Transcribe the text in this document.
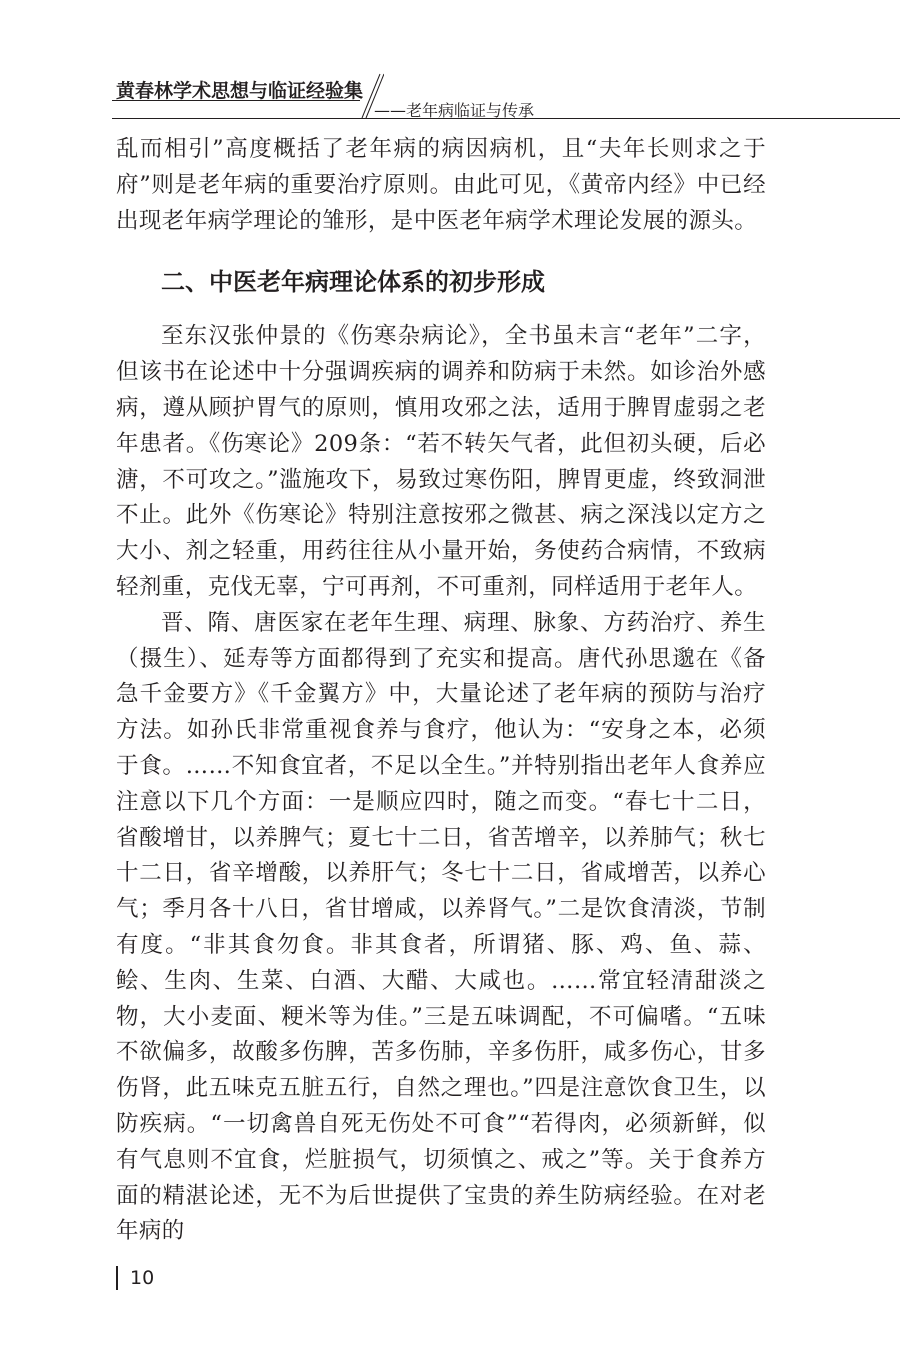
黄春林学术思想与临证经验集
——老年病临证与传承

乱而相引”高度概括了老年病的病因病机，且“夫年长则求之于府”则是老年病的重要治疗原则。由此可见，《黄帝内经》中已经出现老年病学理论的雏形，是中医老年病学术理论发展的源头。

二、中医老年病理论体系的初步形成

至东汉张仲景的《伤寒杂病论》，全书虽未言“老年”二字，但该书在论述中十分强调疾病的调养和防病于未然。如诊治外感病，遵从顾护胃气的原则，慎用攻邪之法，适用于脾胃虚弱之老年患者。《伤寒论》209条：“若不转矢气者，此但初头硬，后必溏，不可攻之。”滥施攻下，易致过寒伤阳，脾胃更虚，终致洞泄不止。此外《伤寒论》特别注意按邪之微甚、病之深浅以定方之大小、剂之轻重，用药往往从小量开始，务使药合病情，不致病轻剂重，克伐无辜，宁可再剂，不可重剂，同样适用于老年人。

晋、隋、唐医家在老年生理、病理、脉象、方药治疗、养生（摄生）、延寿等方面都得到了充实和提高。唐代孙思邈在《备急千金要方》《千金翼方》中，大量论述了老年病的预防与治疗方法。如孙氏非常重视食养与食疗，他认为：“安身之本，必须于食。……不知食宜者，不足以全生。”并特别指出老年人食养应注意以下几个方面：一是顺应四时，随之而变。“春七十二日，省酸增甘，以养脾气；夏七十二日，省苦增辛，以养肺气；秋七十二日，省辛增酸，以养肝气；冬七十二日，省咸增苦，以养心气；季月各十八日，省甘增咸，以养肾气。”二是饮食清淡，节制有度。“非其食勿食。非其食者，所谓猪、豚、鸡、鱼、蒜、鲙、生肉、生菜、白酒、大醋、大咸也。……常宜轻清甜淡之物，大小麦面、粳米等为佳。”三是五味调配，不可偏嗜。“五味不欲偏多，故酸多伤脾，苦多伤肺，辛多伤肝，咸多伤心，甘多伤肾，此五味克五脏五行，自然之理也。”四是注意饮食卫生，以防疾病。“一切禽兽自死无伤处不可食”“若得肉，必须新鲜，似有气息则不宜食，烂脏损气，切须慎之、戒之”等。关于食养方面的精湛论述，无不为后世提供了宝贵的养生防病经验。在对老年病的

10
